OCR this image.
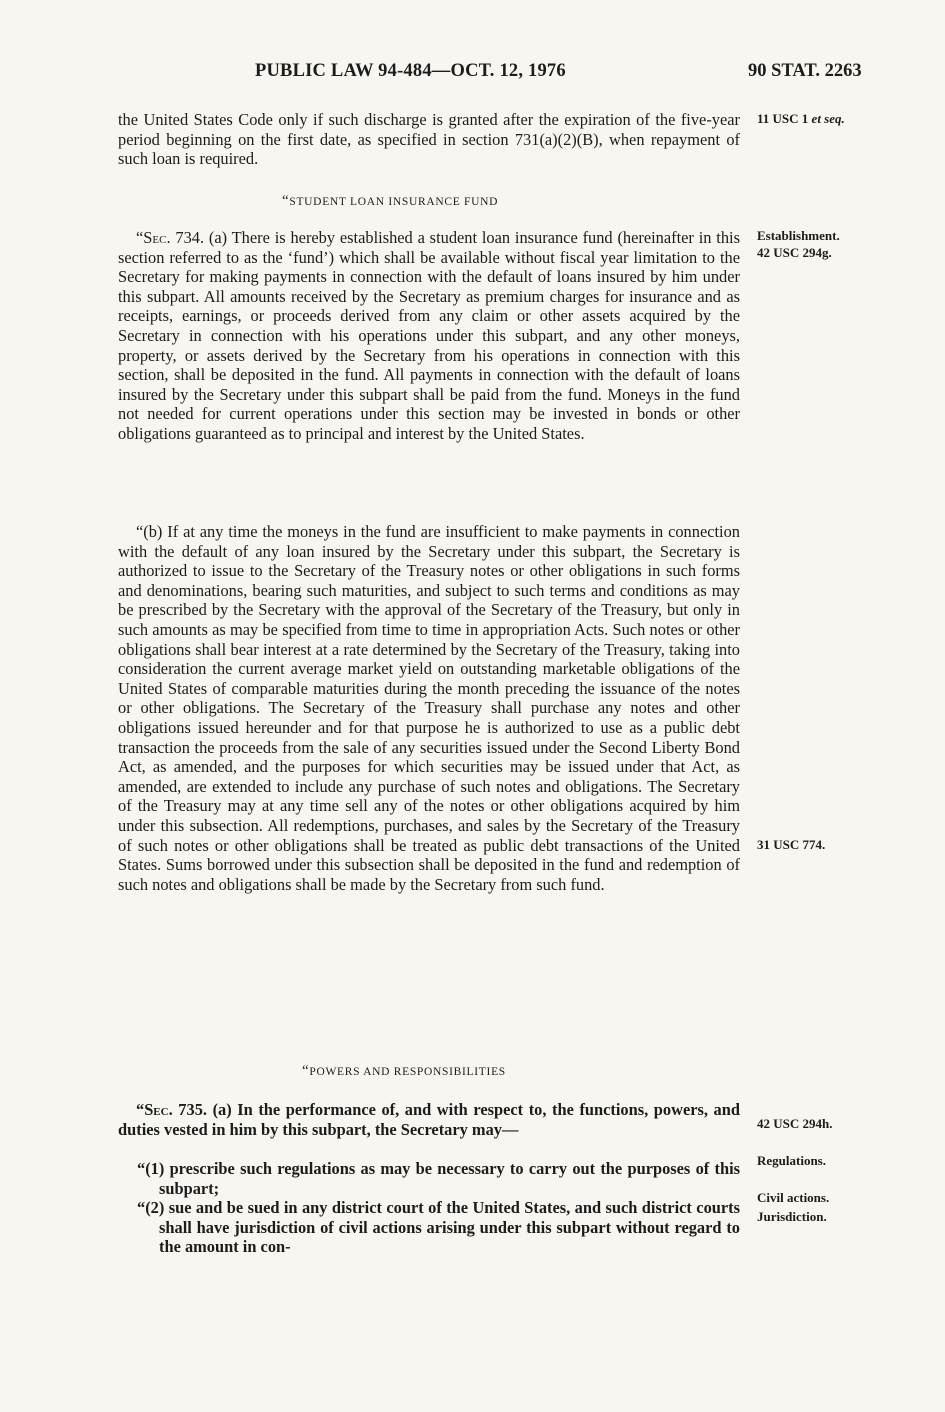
PUBLIC LAW 94-484—OCT. 12, 1976	90 STAT. 2263

the United States Code only if such discharge is granted after the expiration of the five-year period beginning on the first date, as specified in section 731(a)(2)(B), when repayment of such loan is required.

“STUDENT LOAN INSURANCE FUND

“Sec. 734. (a) There is hereby established a student loan insurance fund (hereinafter in this section referred to as the ‘fund’) which shall be available without fiscal year limitation to the Secretary for making payments in connection with the default of loans insured by him under this subpart. All amounts received by the Secretary as premium charges for insurance and as receipts, earnings, or proceeds derived from any claim or other assets acquired by the Secretary in connection with his operations under this subpart, and any other moneys, property, or assets derived by the Secretary from his operations in connection with this section, shall be deposited in the fund. All payments in connection with the default of loans insured by the Secretary under this subpart shall be paid from the fund. Moneys in the fund not needed for current operations under this section may be invested in bonds or other obligations guaranteed as to principal and interest by the United States.

“(b) If at any time the moneys in the fund are insufficient to make payments in connection with the default of any loan insured by the Secretary under this subpart, the Secretary is authorized to issue to the Secretary of the Treasury notes or other obligations in such forms and denominations, bearing such maturities, and subject to such terms and conditions as may be prescribed by the Secretary with the approval of the Secretary of the Treasury, but only in such amounts as may be specified from time to time in appropriation Acts. Such notes or other obligations shall bear interest at a rate determined by the Secretary of the Treasury, taking into consideration the current average market yield on outstanding marketable obligations of the United States of comparable maturities during the month preceding the issuance of the notes or other obligations. The Secretary of the Treasury shall purchase any notes and other obligations issued hereunder and for that purpose he is authorized to use as a public debt transaction the proceeds from the sale of any securities issued under the Second Liberty Bond Act, as amended, and the purposes for which securities may be issued under that Act, as amended, are extended to include any purchase of such notes and obligations. The Secretary of the Treasury may at any time sell any of the notes or other obligations acquired by him under this subsection. All redemptions, purchases, and sales by the Secretary of the Treasury of such notes or other obligations shall be treated as public debt transactions of the United States. Sums borrowed under this subsection shall be deposited in the fund and redemption of such notes and obligations shall be made by the Secretary from such fund.

“POWERS AND RESPONSIBILITIES

“Sec. 735. (a) In the performance of, and with respect to, the functions, powers, and duties vested in him by this subpart, the Secretary may—

“(1) prescribe such regulations as may be necessary to carry out the purposes of this subpart;
“(2) sue and be sued in any district court of the United States, and such district courts shall have jurisdiction of civil actions arising under this subpart without regard to the amount in con-
11 USC 1 et seq.
Establishment.
42 USC 294g.
31 USC 774.
42 USC 294h.
Regulations.
Civil actions.
Jurisdiction.
